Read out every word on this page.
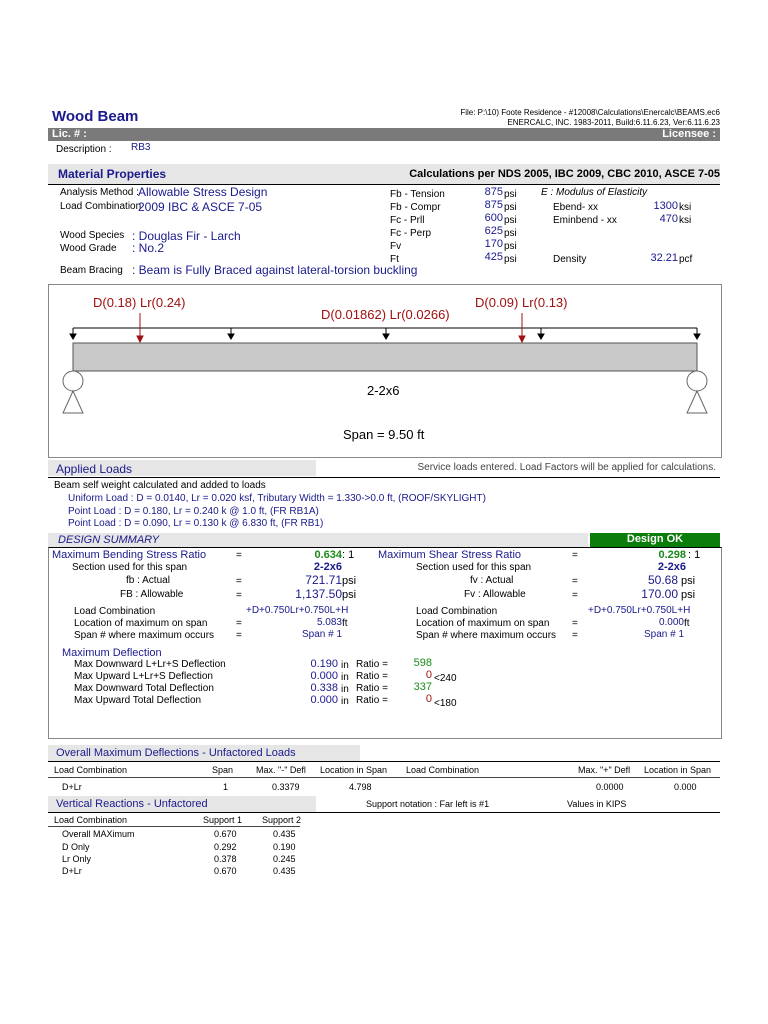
Wood Beam	File: P:\10) Foote Residence - #12008\Calculations\Enercalc\BEAMS.ec6
ENERCALC, INC. 1983-2011, Build:6.11.6.23, Ver:6.11.6.23
Lic. # :	Licensee :
Description : RB3
Material Properties	Calculations per NDS 2005, IBC 2009, CBC 2010, ASCE 7-05
Analysis Method : Allowable Stress Design
Load Combination
2009 IBC & ASCE 7-05
Wood Species : Douglas Fir - Larch
Wood Grade : No.2
Beam Bracing : Beam is Fully Braced against lateral-torsion buckling
Fb - Tension	875 psi
Fb - Compr	875 psi
Fc - Prll	600 psi
Fc - Perp	625 psi
Fv	170 psi
Ft	425 psi
E : Modulus of Elasticity
Ebend- xx	1300 ksi
Eminbend - xx	470 ksi
Density	32.21 pcf
D(0.18) Lr(0.24)
D(0.01862) Lr(0.0266)
D(0.09) Lr(0.13)
2-2x6
Span = 9.50 ft
Applied Loads	Service loads entered. Load Factors will be applied for calculations.
Beam self weight calculated and added to loads
Uniform Load : D = 0.0140, Lr = 0.020 ksf, Tributary Width = 1.330->0.0 ft, (ROOF/SKYLIGHT)
Point Load : D = 0.180, Lr = 0.240 k @ 1.0 ft, (FR RB1A)
Point Load : D = 0.090, Lr = 0.130 k @ 6.830 ft, (FR RB1)
DESIGN SUMMARY	Design OK
Maximum Bending Stress Ratio	=	0.634 : 1
Section used for this span	2-2x6
fb : Actual	=	721.71 psi
FB : Allowable	=	1,137.50 psi
Load Combination	+D+0.750Lr+0.750L+H
Location of maximum on span	=	5.083 ft
Span # where maximum occurs =	Span # 1
Maximum Shear Stress Ratio	=	0.298 : 1
Section used for this span	2-2x6
fv : Actual	=	50.68 psi
Fv : Allowable	=	170.00 psi
Load Combination	+D+0.750Lr+0.750L+H
Location of maximum on span =	0.000 ft
Span # where maximum occurs =	Span # 1
Maximum Deflection
Max Downward L+Lr+S Deflection	0.190 in Ratio =	598
Max Upward L+Lr+S Deflection	0.000 in Ratio =	0 <240
Max Downward Total Deflection	0.338 in Ratio =	337
Max Upward Total Deflection	0.000 in Ratio =	0 <180
Overall Maximum Deflections - Unfactored Loads
Load Combination	Span	Max. "-" Defl Location in Span Load Combination	Max. "+" Defl Location in Span
D+Lr	1	0.3379	4.798	0.0000	0.000
Vertical Reactions - Unfactored	Support notation : Far left is #1	Values in KIPS
Load Combination	Support 1 Support 2
Overall MAXimum	0.670	0.435
D Only	0.292	0.190
Lr Only	0.378	0.245
D+Lr	0.670	0.435
